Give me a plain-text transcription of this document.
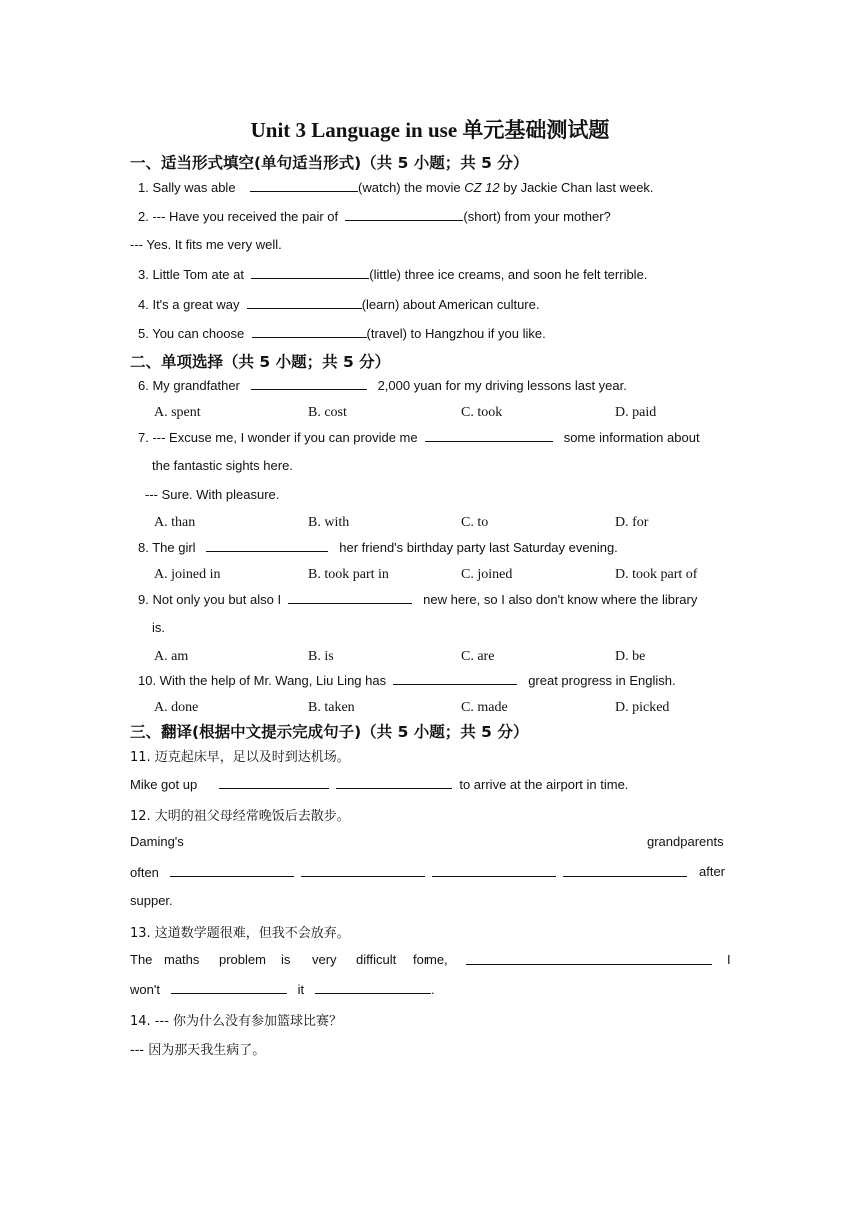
Unit 3 Language in use 单元基础测试题
一、适当形式填空(单句适当形式)（共 5 小题；共 5 分）
1. Sally was able	(watch) the movie CZ 12 by Jackie Chan last week.
2. --- Have you received the pair of	(short) from your mother?
--- Yes. It fits me very well.
3. Little Tom ate at	(little) three ice creams, and soon he felt terrible.
4. It's a great way	(learn) about American culture.
5. You can choose	(travel) to Hangzhou if you like.
二、单项选择（共 5 小题；共 5 分）
6. My grandfather	2,000 yuan for my driving lessons last year.
A. spent	B. cost	C. took	D. paid
7. --- Excuse me, I wonder if you can provide me	some information about
the fantastic sights here.
--- Sure. With pleasure.
A. than	B. with	C. to	D. for
8. The girl	her friend's birthday party last Saturday evening.
A. joined in	B. took part in	C. joined	D. took part of
9. Not only you but also I	new here, so I also don't know where the library
is.
A. am	B. is	C. are	D. be
10. With the help of Mr. Wang, Liu Ling has	great progress in English.
A. done	B. taken	C. made	D. picked
三、翻译(根据中文提示完成句子)（共 5 小题；共 5 分）
11. 迈克起床早，足以及时到达机场。
Mike got up	to arrive at the airport in time.
12. 大明的祖父母经常晚饭后去散步。
Daming's	grandparents
often	after
supper.
13. 这道数学题很难，但我不会放弃。
The maths problem is very difficult for
me,	I
won't	it	.
14. --- 你为什么没有参加篮球比赛？
--- 因为那天我生病了。
